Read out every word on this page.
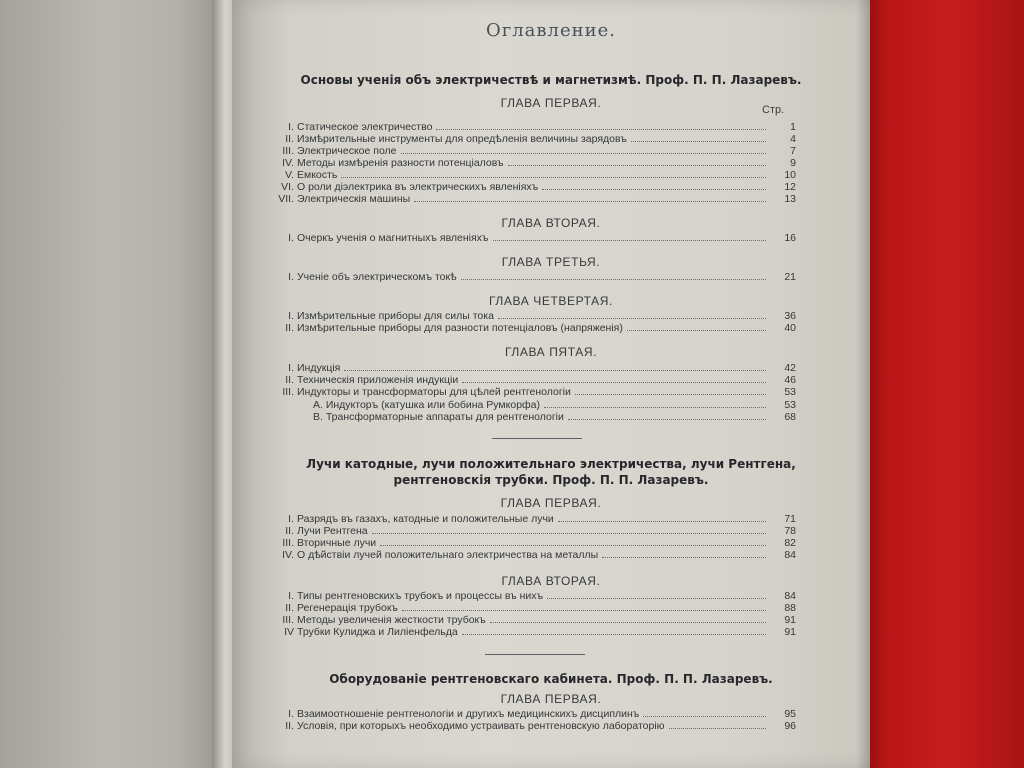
Оглавление.
Основы ученія объ электричествѣ и магнетизмѣ. Проф. П. П. Лазаревъ.
ГЛАВА ПЕРВАЯ.	Стр.
I. Статическое электричество	1
II. Измѣрительные инструменты для опредѣленія величины зарядовъ	4
III. Электрическое поле	7
IV. Методы измѣренія разности потенціаловъ	9
V. Емкость	10
VI. О роли діэлектрика въ электрическихъ явленіяхъ	12
VII. Электрическія машины	13
ГЛАВА ВТОРАЯ.
I. Очеркъ ученія о магнитныхъ явленіяхъ	16
ГЛАВА ТРЕТЬЯ.
I. Ученіе объ электрическомъ токѣ	21
ГЛАВА ЧЕТВЕРТАЯ.
I. Измѣрительные приборы для силы тока	36
II. Измѣрительные приборы для разности потенціаловъ (напряженія)	40
ГЛАВА ПЯТАЯ.
I. Индукція	42
II. Техническія приложенія индукціи	46
III. Индукторы и трансформаторы для цѣлей рентгенологіи	53
А. Индукторъ (катушка или бобина Румкорфа)	53
В. Трансформаторные аппараты для рентгенологіи	68
Лучи катодные, лучи положительнаго электричества, лучи Рентгена,
рентгеновскія трубки. Проф. П. П. Лазаревъ.
ГЛАВА ПЕРВАЯ.
I. Разрядъ въ газахъ, катодные и положительные лучи	71
II. Лучи Рентгена	78
III. Вторичные лучи	82
IV. О дѣйствіи лучей положительнаго электричества на металлы	84
ГЛАВА ВТОРАЯ.
I. Типы рентгеновскихъ трубокъ и процессы въ нихъ	84
II. Регенерація трубокъ	88
III. Методы увеличенія жесткости трубокъ	91
IV Трубки Кулиджа и Лиліенфельда	91
Оборудованіе рентгеновскаго кабинета. Проф. П. П. Лазаревъ.
ГЛАВА ПЕРВАЯ.
I. Взаимоотношеніе рентгенологіи и другихъ медицинскихъ дисциплинъ	95
II. Условія, при которыхъ необходимо устраивать рентгеновскую лабораторію	96
